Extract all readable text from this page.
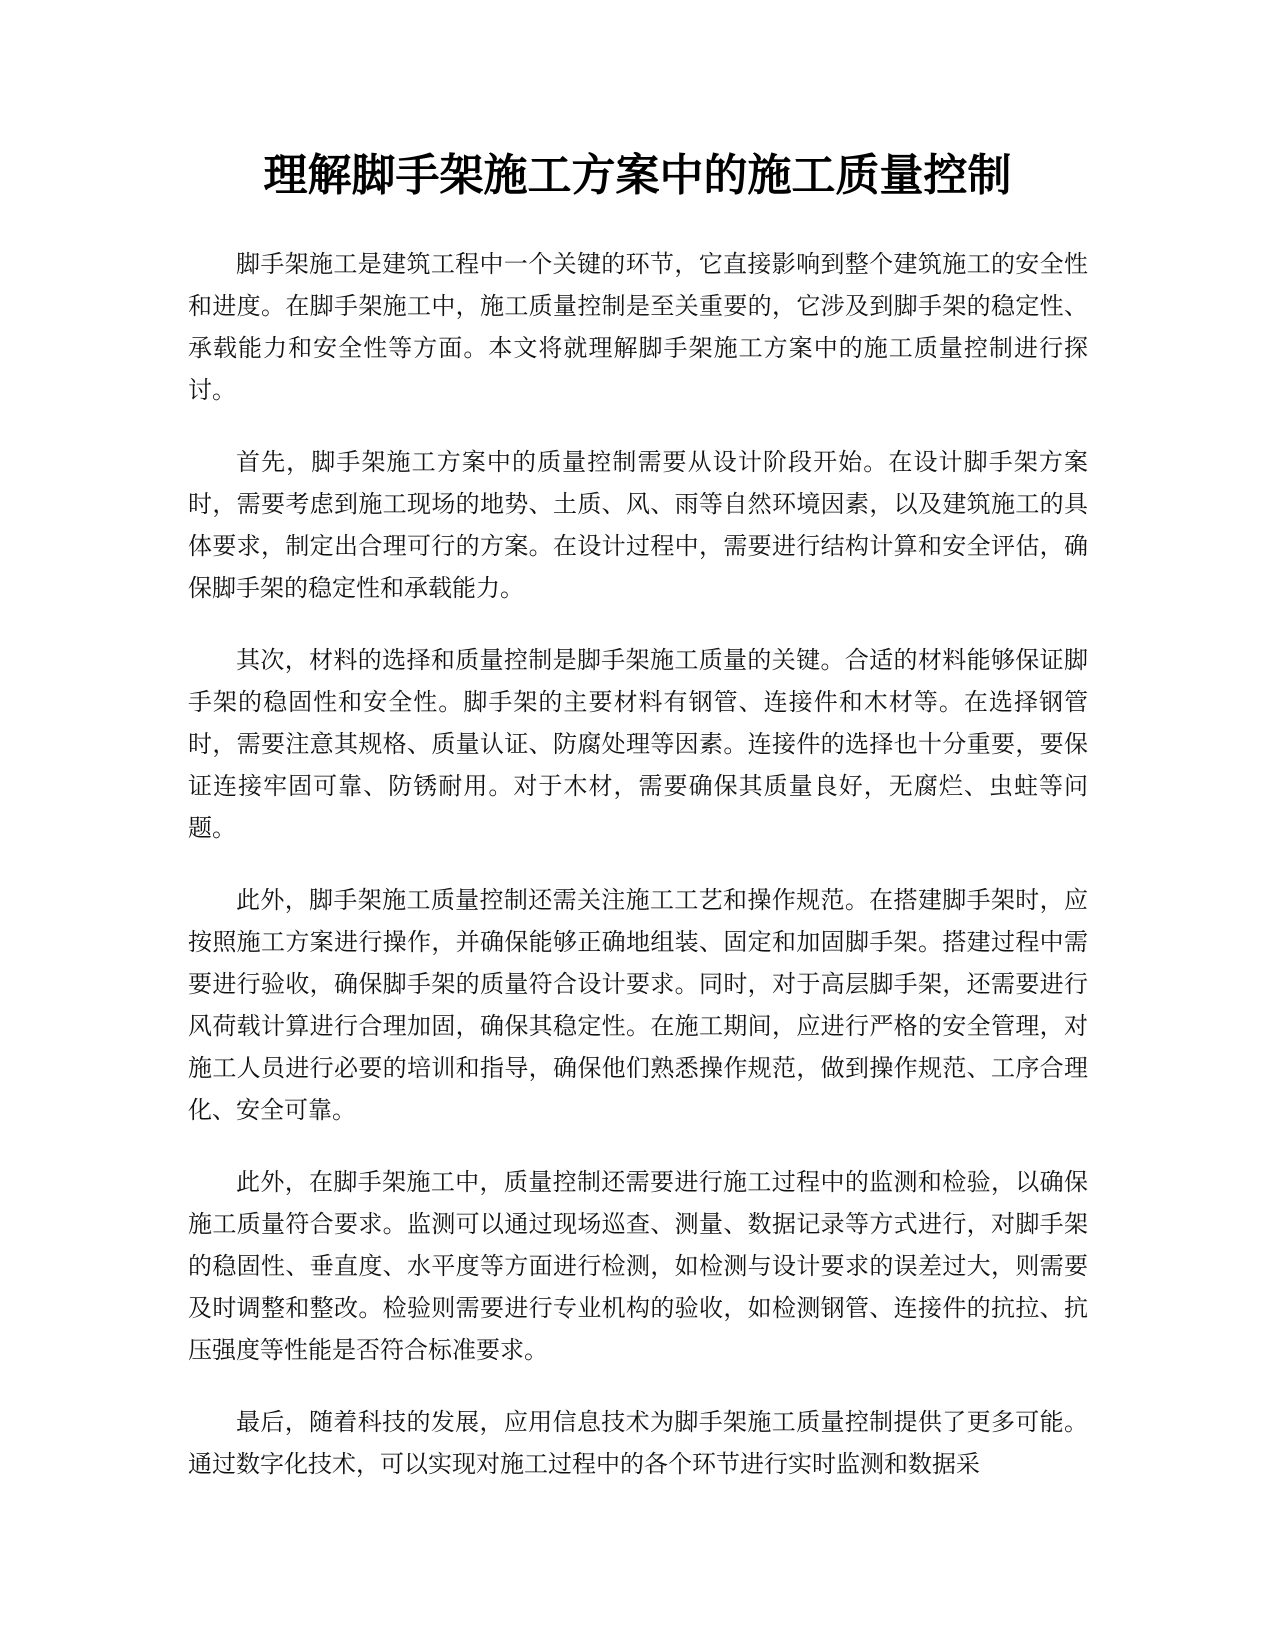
理解脚手架施工方案中的施工质量控制

脚手架施工是建筑工程中一个关键的环节，它直接影响到整个建筑施工的安全性和进度。在脚手架施工中，施工质量控制是至关重要的，它涉及到脚手架的稳定性、承载能力和安全性等方面。本文将就理解脚手架施工方案中的施工质量控制进行探讨。

首先，脚手架施工方案中的质量控制需要从设计阶段开始。在设计脚手架方案时，需要考虑到施工现场的地势、土质、风、雨等自然环境因素，以及建筑施工的具体要求，制定出合理可行的方案。在设计过程中，需要进行结构计算和安全评估，确保脚手架的稳定性和承载能力。

其次，材料的选择和质量控制是脚手架施工质量的关键。合适的材料能够保证脚手架的稳固性和安全性。脚手架的主要材料有钢管、连接件和木材等。在选择钢管时，需要注意其规格、质量认证、防腐处理等因素。连接件的选择也十分重要，要保证连接牢固可靠、防锈耐用。对于木材，需要确保其质量良好，无腐烂、虫蛀等问题。

此外，脚手架施工质量控制还需关注施工工艺和操作规范。在搭建脚手架时，应按照施工方案进行操作，并确保能够正确地组装、固定和加固脚手架。搭建过程中需要进行验收，确保脚手架的质量符合设计要求。同时，对于高层脚手架，还需要进行风荷载计算进行合理加固，确保其稳定性。在施工期间，应进行严格的安全管理，对施工人员进行必要的培训和指导，确保他们熟悉操作规范，做到操作规范、工序合理化、安全可靠。

此外，在脚手架施工中，质量控制还需要进行施工过程中的监测和检验，以确保施工质量符合要求。监测可以通过现场巡查、测量、数据记录等方式进行，对脚手架的稳固性、垂直度、水平度等方面进行检测，如检测与设计要求的误差过大，则需要及时调整和整改。检验则需要进行专业机构的验收，如检测钢管、连接件的抗拉、抗压强度等性能是否符合标准要求。

最后，随着科技的发展，应用信息技术为脚手架施工质量控制提供了更多可能。通过数字化技术，可以实现对施工过程中的各个环节进行实时监测和数据采
